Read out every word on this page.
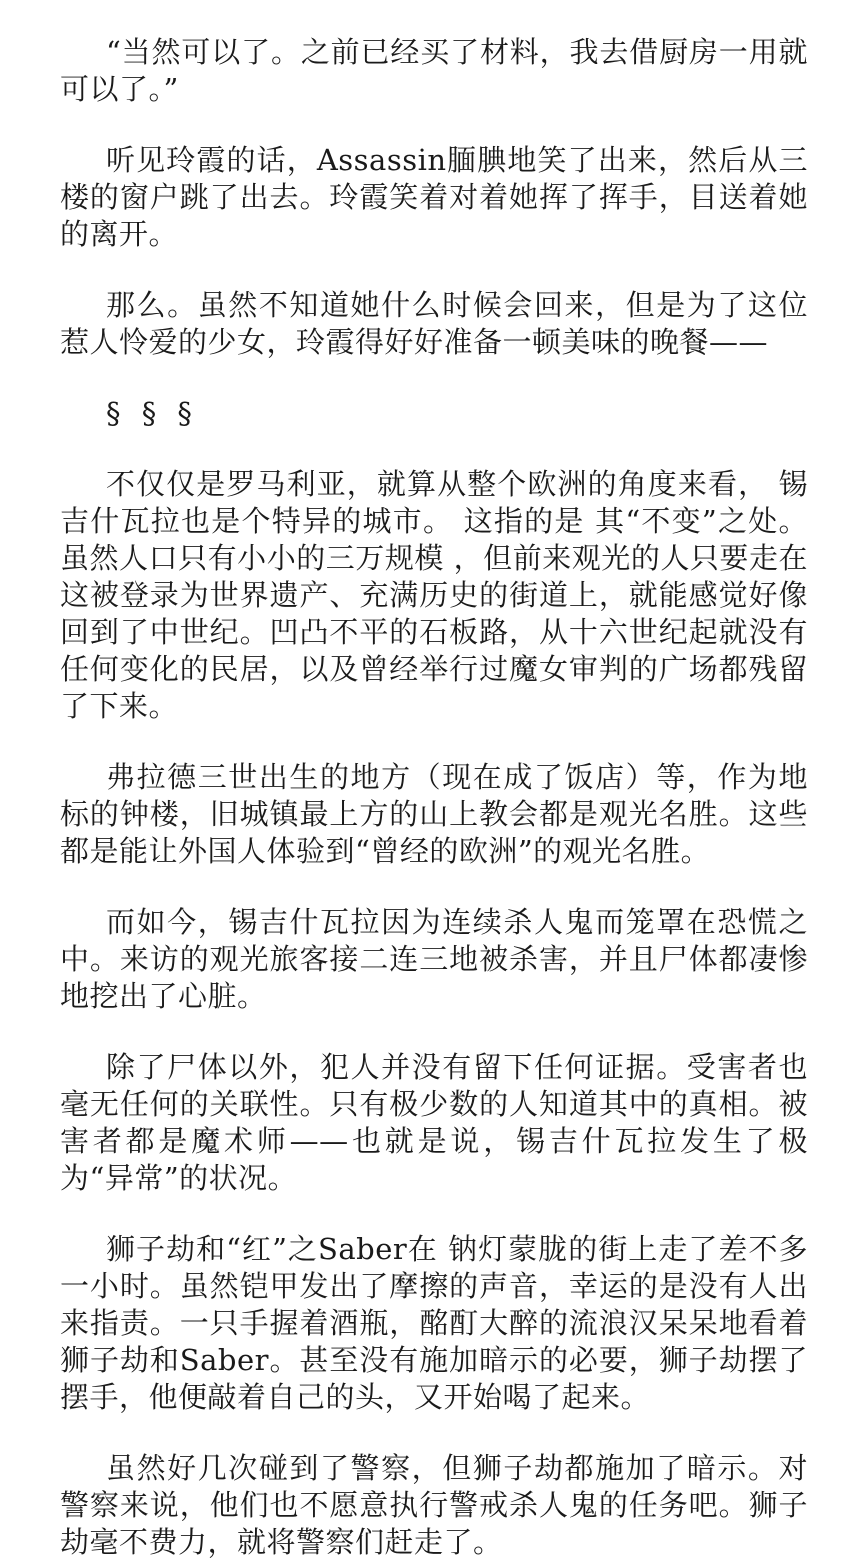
“当然可以了。之前已经买了材料，我去借厨房一用就可以了。”

听见玲霞的话，Assassin腼腆地笑了出来，然后从三楼的窗户跳了出去。玲霞笑着对着她挥了挥手，目送着她的离开。

那么。虽然不知道她什么时候会回来，但是为了这位惹人怜爱的少女，玲霞得好好准备一顿美味的晚餐——

§ § §

不仅仅是罗马利亚，就算从整个欧洲的角度来看， 锡吉什瓦拉也是个特异的城市。 这指的是 其“不变”之处。虽然人口只有小小的三万规模 ，但前来观光的人只要走在这被登录为世界遗产、充满历史的街道上，就能感觉好像回到了中世纪。凹凸不平的石板路，从十六世纪起就没有任何变化的民居，以及曾经举行过魔女审判的广场都残留了下来。

弗拉德三世出生的地方（现在成了饭店）等，作为地标的钟楼，旧城镇最上方的山上教会都是观光名胜。这些都是能让外国人体验到“曾经的欧洲”的观光名胜。

而如今，锡吉什瓦拉因为连续杀人鬼而笼罩在恐慌之中。来访的观光旅客接二连三地被杀害，并且尸体都凄惨地挖出了心脏。

除了尸体以外，犯人并没有留下任何证据。受害者也毫无任何的关联性。只有极少数的人知道其中的真相。被害者都是魔术师——也就是说，锡吉什瓦拉发生了极为“异常”的状况。

狮子劫和“红”之Saber在 钠灯蒙胧的街上走了差不多一小时。虽然铠甲发出了摩擦的声音，幸运的是没有人出来指责。一只手握着酒瓶，酩酊大醉的流浪汉呆呆地看着狮子劫和Saber。甚至没有施加暗示的必要，狮子劫摆了摆手，他便敲着自己的头，又开始喝了起来。

虽然好几次碰到了警察，但狮子劫都施加了暗示。对警察来说，他们也不愿意执行警戒杀人鬼的任务吧。狮子劫毫不费力，就将警察们赶走了。
